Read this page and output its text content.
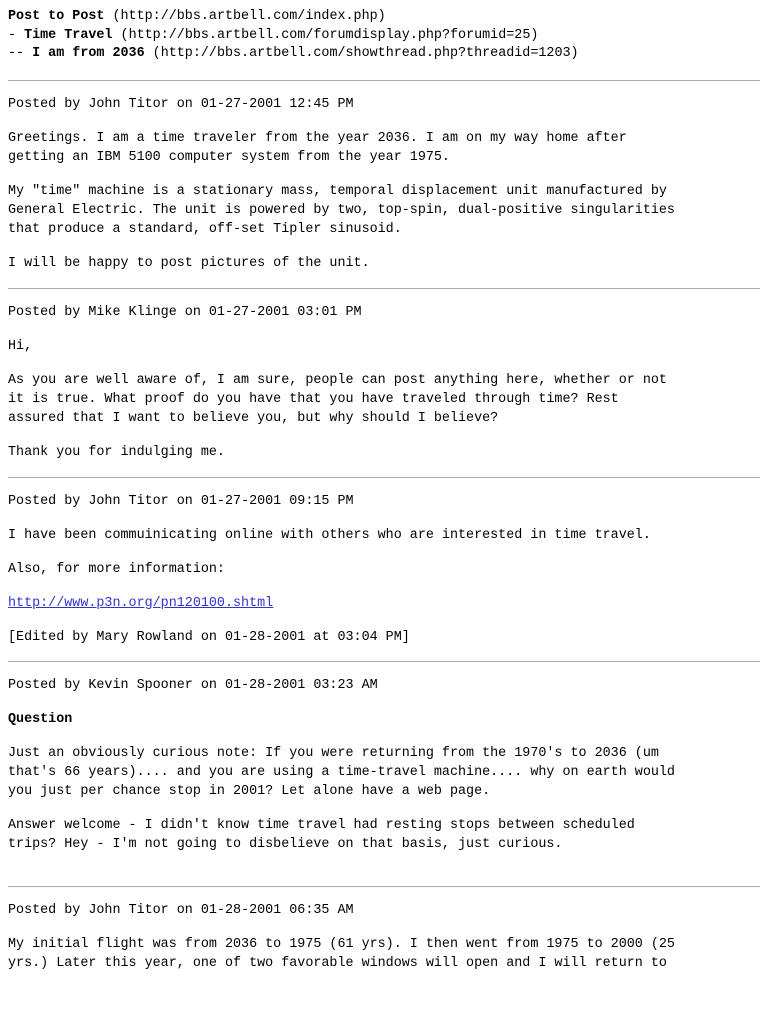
Post to Post (http://bbs.artbell.com/index.php)
- Time Travel (http://bbs.artbell.com/forumdisplay.php?forumid=25)
-- I am from 2036 (http://bbs.artbell.com/showthread.php?threadid=1203)

Posted by John Titor on 01-27-2001 12:45 PM

Greetings. I am a time traveler from the year 2036. I am on my way home after
getting an IBM 5100 computer system from the year 1975.

My "time" machine is a stationary mass, temporal displacement unit manufactured by
General Electric. The unit is powered by two, top-spin, dual-positive singularities
that produce a standard, off-set Tipler sinusoid.

I will be happy to post pictures of the unit.

Posted by Mike Klinge on 01-27-2001 03:01 PM

Hi,

As you are well aware of, I am sure, people can post anything here, whether or not
it is true. What proof do you have that you have traveled through time? Rest
assured that I want to believe you, but why should I believe?

Thank you for indulging me.

Posted by John Titor on 01-27-2001 09:15 PM

I have been commuinicating online with others who are interested in time travel.

Also, for more information:

http://www.p3n.org/pn120100.shtml

[Edited by Mary Rowland on 01-28-2001 at 03:04 PM]

Posted by Kevin Spooner on 01-28-2001 03:23 AM

Question

Just an obviously curious note: If you were returning from the 1970's to 2036 (um
that's 66 years).... and you are using a time-travel machine.... why on earth would
you just per chance stop in 2001? Let alone have a web page.

Answer welcome - I didn't know time travel had resting stops between scheduled
trips? Hey - I'm not going to disbelieve on that basis, just curious.

Posted by John Titor on 01-28-2001 06:35 AM

My initial flight was from 2036 to 1975 (61 yrs). I then went from 1975 to 2000 (25
yrs.) Later this year, one of two favorable windows will open and I will return to
